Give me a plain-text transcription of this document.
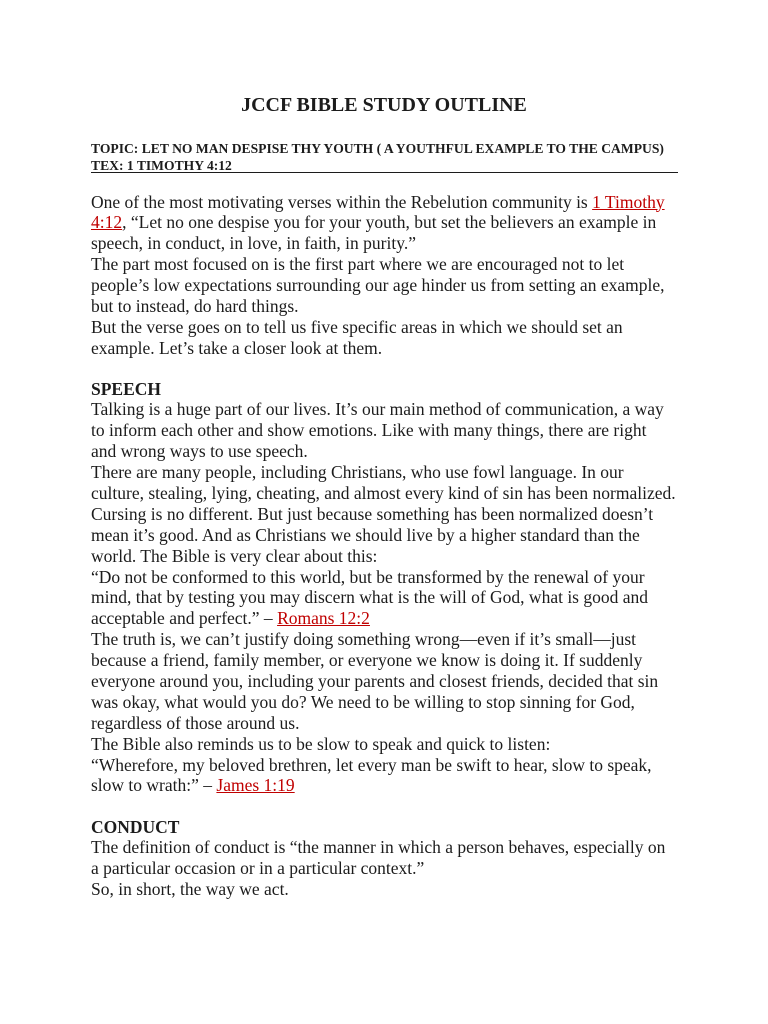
JCCF BIBLE STUDY OUTLINE
TOPIC: LET NO MAN DESPISE THY YOUTH ( A YOUTHFUL EXAMPLE TO THE CAMPUS)
TEX: 1 TIMOTHY 4:12
One of the most motivating verses within the Rebelution community is 1 Timothy
4:12, “Let no one despise you for your youth, but set the believers an example in
speech, in conduct, in love, in faith, in purity.”
The part most focused on is the first part where we are encouraged not to let
people’s low expectations surrounding our age hinder us from setting an example,
but to instead, do hard things.
But the verse goes on to tell us five specific areas in which we should set an
example. Let’s take a closer look at them.
SPEECH
Talking is a huge part of our lives. It’s our main method of communication, a way
to inform each other and show emotions. Like with many things, there are right
and wrong ways to use speech.
There are many people, including Christians, who use fowl language. In our
culture, stealing, lying, cheating, and almost every kind of sin has been normalized.
Cursing is no different. But just because something has been normalized doesn’t
mean it’s good. And as Christians we should live by a higher standard than the
world. The Bible is very clear about this:
“Do not be conformed to this world, but be transformed by the renewal of your
mind, that by testing you may discern what is the will of God, what is good and
acceptable and perfect.” – Romans 12:2
The truth is, we can’t justify doing something wrong—even if it’s small—just
because a friend, family member, or everyone we know is doing it. If suddenly
everyone around you, including your parents and closest friends, decided that sin
was okay, what would you do? We need to be willing to stop sinning for God,
regardless of those around us.
The Bible also reminds us to be slow to speak and quick to listen:
“Wherefore, my beloved brethren, let every man be swift to hear, slow to speak,
slow to wrath:” – James 1:19
CONDUCT
The definition of conduct is “the manner in which a person behaves, especially on
a particular occasion or in a particular context.”
So, in short, the way we act.
